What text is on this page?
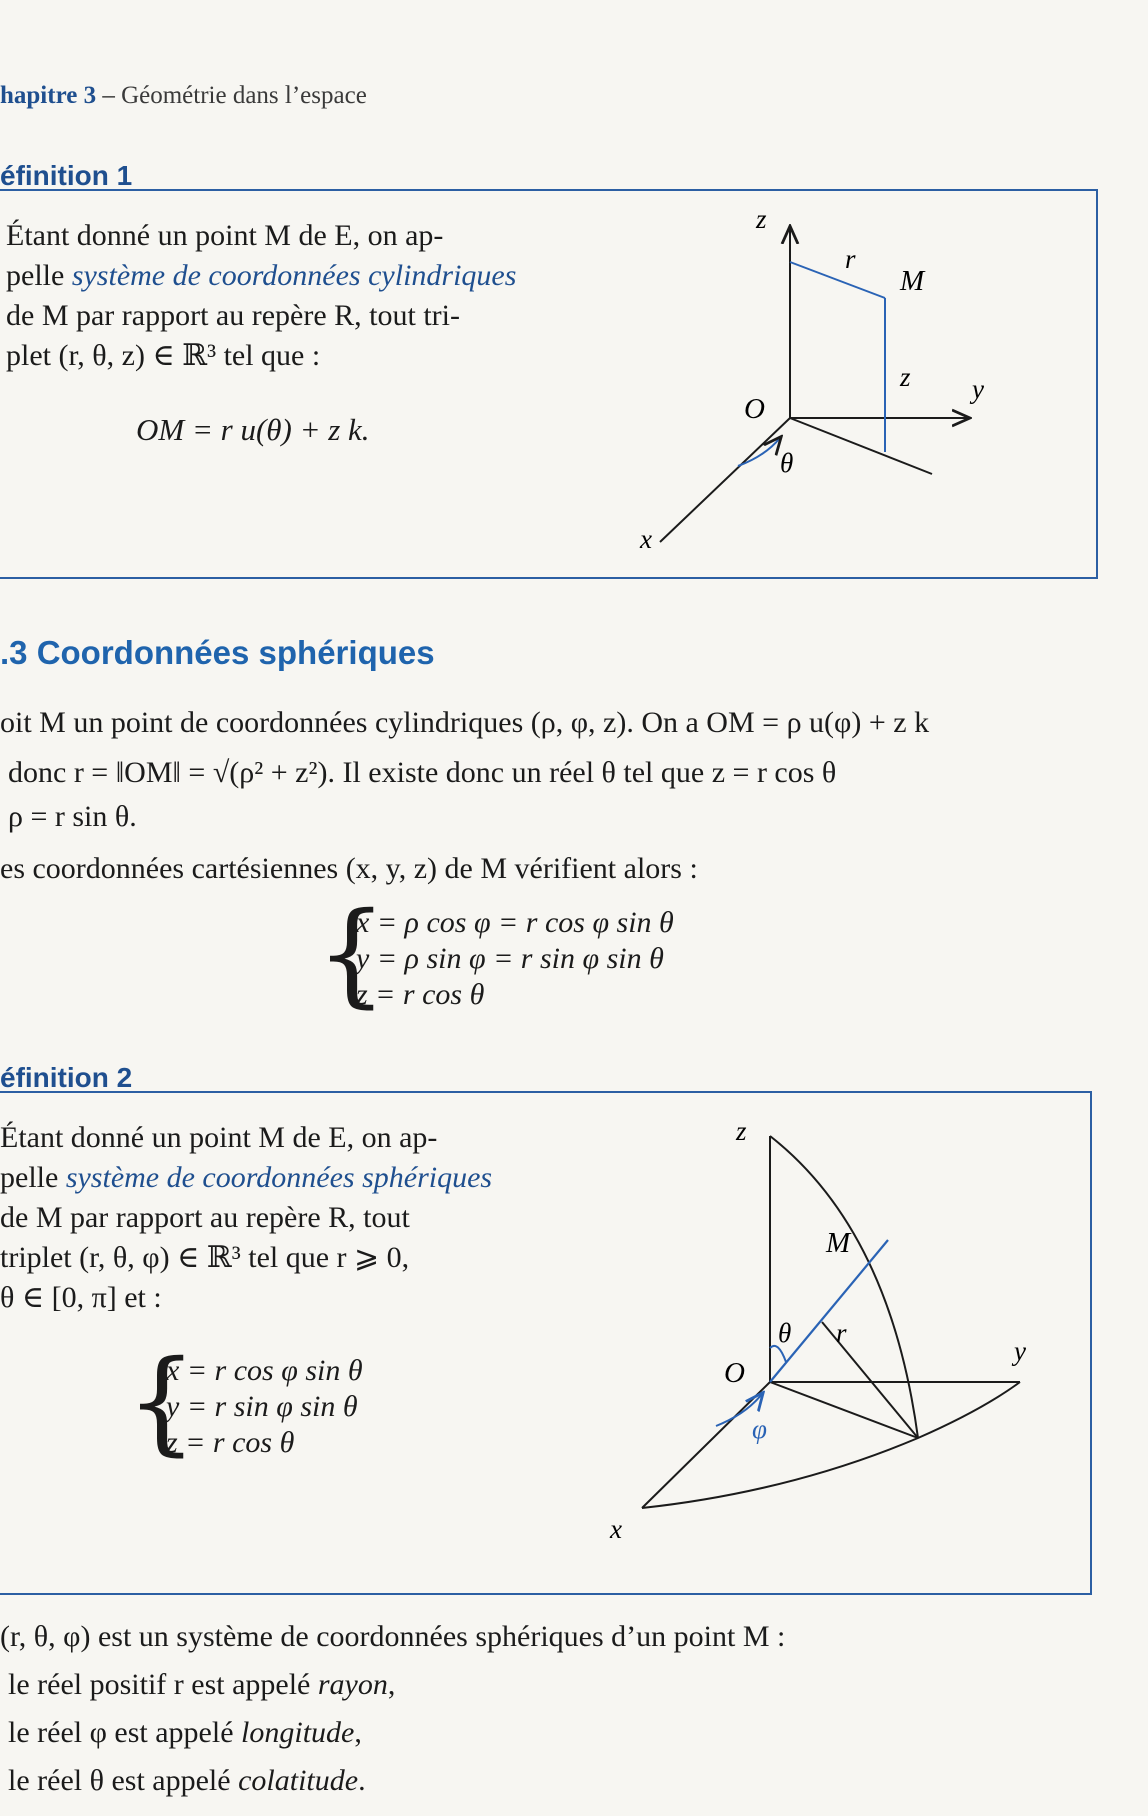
hapitre 3 – Géométrie dans l’espace
éfinition 1
Étant donné un point M de E, on ap-
pelle système de coordonnées cylindriques
de M par rapport au repère R, tout tri-
plet (r, θ, z) ∈ ℝ³ tel que :
OM = r u(θ) + z k.
z
r
M
z
O
y
θ
x
.3 Coordonnées sphériques
oit M un point de coordonnées cylindriques (ρ, φ, z). On a OM = ρ u(φ) + z k
donc r = ‖OM‖ = √(ρ² + z²). Il existe donc un réel θ tel que z = r cos θ
ρ = r sin θ.
es coordonnées cartésiennes (x, y, z) de M vérifient alors :
{
x = ρ cos φ = r cos φ sin θ
y = ρ sin φ = r sin φ sin θ
z = r cos θ
éfinition 2
Étant donné un point M de E, on ap-
pelle système de coordonnées sphériques
de M par rapport au repère R, tout
triplet (r, θ, φ) ∈ ℝ³ tel que r ⩾ 0,
θ ∈ [0, π] et :
{
x = r cos φ sin θ
y = r sin φ sin θ
z = r cos θ
z
M
θ r
O
y
φ
x
(r, θ, φ) est un système de coordonnées sphériques d’un point M :
le réel positif r est appelé rayon,
le réel φ est appelé longitude,
le réel θ est appelé colatitude.
